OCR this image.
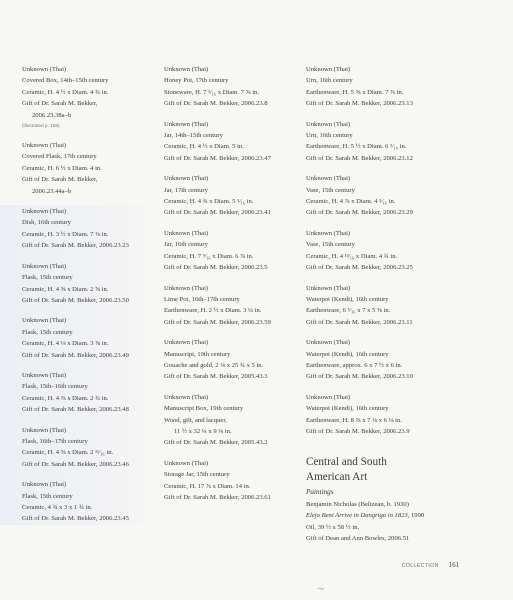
Unknown (Thai)
Covered Box, 14th–15th century
Ceramic, H. 4 ½ x Diam. 4 ¾ in.
Gift of Dr. Sarah M. Bekker,
2006.23.38a–b
(illustrated p. 158)
Unknown (Thai)
Covered Flask, 17th century
Ceramic, H. 6 ½ x Diam. 4 in.
Gift of Dr. Sarah M. Bekker,
2006.23.44a–b
Unknown (Thai)
Dish, 16th century
Ceramic, H. 3 ½ x Diam. 7 ⅜ in.
Gift of Dr. Sarah M. Bekker, 2006.23.23
Unknown (Thai)
Flask, 15th century
Ceramic, H. 4 ⅝ x Diam. 2 ⅝ in.
Gift of Dr. Sarah M. Bekker, 2006.23.50
Unknown (Thai)
Flask, 15th century
Ceramic, H. 4 ⅛ x Diam. 3 ⅝ in.
Gift of Dr. Sarah M. Bekker, 2006.23.49
Unknown (Thai)
Flask, 15th–16th century
Ceramic, H. 4 ⅞ x Diam. 2 ¾ in.
Gift of Dr. Sarah M. Bekker, 2006.23.48
Unknown (Thai)
Flask, 16th–17th century
Ceramic, H. 4 ⅝ x Diam. 2 ¹¹⁄₁₆ in.
Gift of Dr. Sarah M. Bekker, 2006.23.46
Unknown (Thai)
Flask, 15th century
Ceramic, 4 ¾ x 3 x 1 ¾ in.
Gift of Dr. Sarah M. Bekker, 2006.23.45
Unknown (Thai)
Honey Pot, 17th century
Stoneware, H. 7 ⁵⁄₁₆ x Diam. 7 ⅝ in.
Gift of Dr. Sarah M. Bekker, 2006.23.8
Unknown (Thai)
Jar, 14th–15th century
Ceramic, H. 4 ½ x Diam. 5 in.
Gift of Dr. Sarah M. Bekker, 2006.23.47
Unknown (Thai)
Jar, 17th century
Ceramic, H. 4 ¾ x Diam. 5 ⁵⁄₁₆ in.
Gift of Dr. Sarah M. Bekker, 2006.23.41
Unknown (Thai)
Jar, 16th century
Ceramic, H. 7 ⁹⁄₁₆ x Diam. 6 ⅞ in.
Gift of Dr. Sarah M. Bekker, 2006.23.5
Unknown (Thai)
Lime Pot, 16th–17th century
Earthenware, H. 2 ½ x Diam. 3 ¼ in.
Gift of Dr. Sarah M. Bekker, 2006.23.59
Unknown (Thai)
Manuscript, 19th century
Gouache and gold, 2 ⅜ x 25 ¾ x 5 in.
Gift of Dr. Sarah M. Bekker, 2005.43.3
Unknown (Thai)
Manuscript Box, 19th century
Wood, gilt, and lacquer,
11 ½ x 32 ¼ x 9 ⅛ in.
Gift of Dr. Sarah M. Bekker, 2005.43.2
Unknown (Thai)
Storage Jar, 15th century
Ceramic, H. 17 ⅞ x Diam. 14 in.
Gift of Dr. Sarah M. Bekker, 2006.23.61
Unknown (Thai)
Urn, 16th century
Earthenware, H. 5 ⅝ x Diam. 7 ⅞ in.
Gift of Dr. Sarah M. Bekker, 2006.23.13
Unknown (Thai)
Urn, 16th century
Earthenware, H. 5 ½ x Diam. 6 ⁹⁄₁₆ in.
Gift of Dr. Sarah M. Bekker, 2006.23.12
Unknown (Thai)
Vase, 15th century
Ceramic, H. 4 ⅞ x Diam. 4 ⁵⁄₁₆ in.
Gift of Dr. Sarah M. Bekker, 2006.23.29
Unknown (Thai)
Vase, 15th century
Ceramic, H. 4 ¹³⁄₁₆ x Diam. 4 ¾ in.
Gift of Dr. Sarah M. Bekker, 2006.23.25
Unknown (Thai)
Waterpot (Kendi), 16th century
Earthenware, 6 ⁵⁄₁₆ x 7 x 5 ⅝ in.
Gift of Dr. Sarah M. Bekker, 2006.23.11
Unknown (Thai)
Waterpot (Kendi), 16th century
Earthenware, approx. 6 x 7 ½ x 6 in.
Gift of Dr. Sarah M. Bekker, 2006.23.10
Unknown (Thai)
Waterpot (Kendi), 16th century
Earthenware, H. 8 ⅞ x 7 ⅜ x 6 ⅛ in.
Gift of Dr. Sarah M. Bekker, 2006.23.9
Central and South
American Art
Paintings
Benjamin Nicholas (Belizean, b. 1930)
Elejo Beni Arrive in Dangriga in 1823, 1990
Oil, 39 ½ x 58 ½ in.
Gift of Dean and Ann Bowles, 2006.51
COLLECTION 161
